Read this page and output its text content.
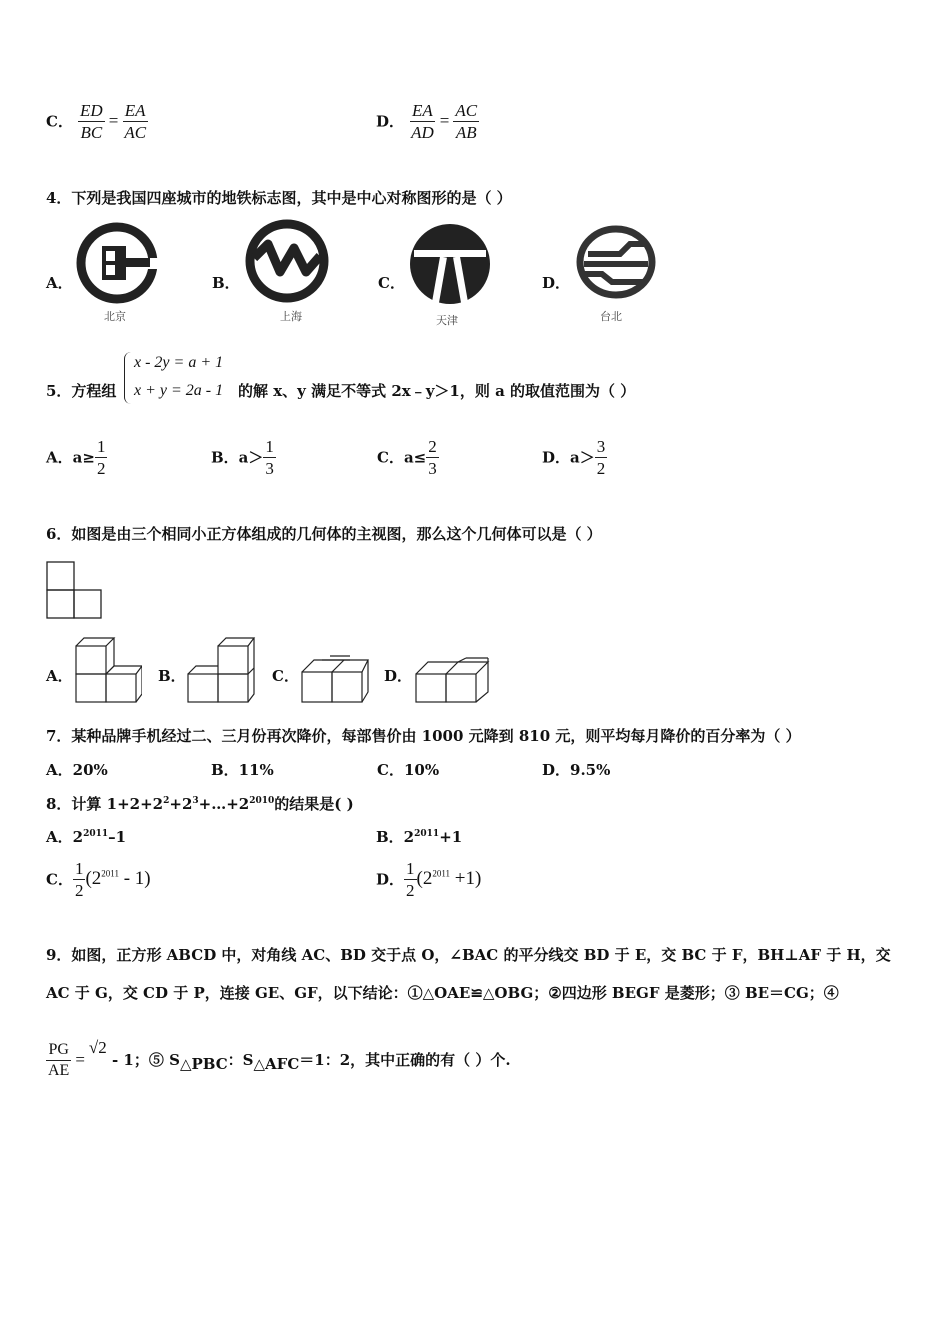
C． $\frac{ED}{BC} = \frac{EA}{AC}$	D． $\frac{EA}{AD} = \frac{AC}{AB}$
4．下列是我国四座城市的地铁标志图，其中是中心对称图形的是（ ）
A．
北京
B．
上海
C．
天津
D．
台北
5．方程组
x - 2y = a + 1
x + y = 2a - 1 的解 x、y 满足不等式 2x﹣y＞1，则 a 的取值范围为（ ）
A．$a\ge \frac{1}{2}$	B．$a> \frac{1}{3}$	C．$a\le \frac{2}{3}$	D．$a> \frac{3}{2}$
6．如图是由三个相同小正方体组成的几何体的主视图，那么这个几何体可以是（ ）
A．	B．	C．	D．
7．某种品牌手机经过二、三月份再次降价，每部售价由 1000 元降到 810 元，则平均每月降价的百分率为（ ）
A．20%	B．11%	C．10%	D．9.5%
8．计算 $1+2+2^2+2^3+\dots+2^{2010}$的结果是( )
A．$2^{2011}-1$	B．$2^{2011}+1$
C． $\frac{1}{2} (2^{2011} - 1)$	D． $\frac{1}{2} (2^{2011} +1)$
9．如图，正方形 ABCD 中，对角线 AC、BD 交于点 O，∠BAC 的平分线交 BD 于 E，交 BC 于 F，BH⊥AF 于 H，交
AC 于 G，交 CD 于 P，连接 GE、GF，以下结论：①△OAE≌△OBG；②四边形 BEGF 是菱形；③ BE＝CG；④
$\frac{PG}{AE} =√2 - 1$；⑤ $S_{\triangle PBC}$：$S_{\triangle AFC}=1$：2，其中正确的有（ ）个.
